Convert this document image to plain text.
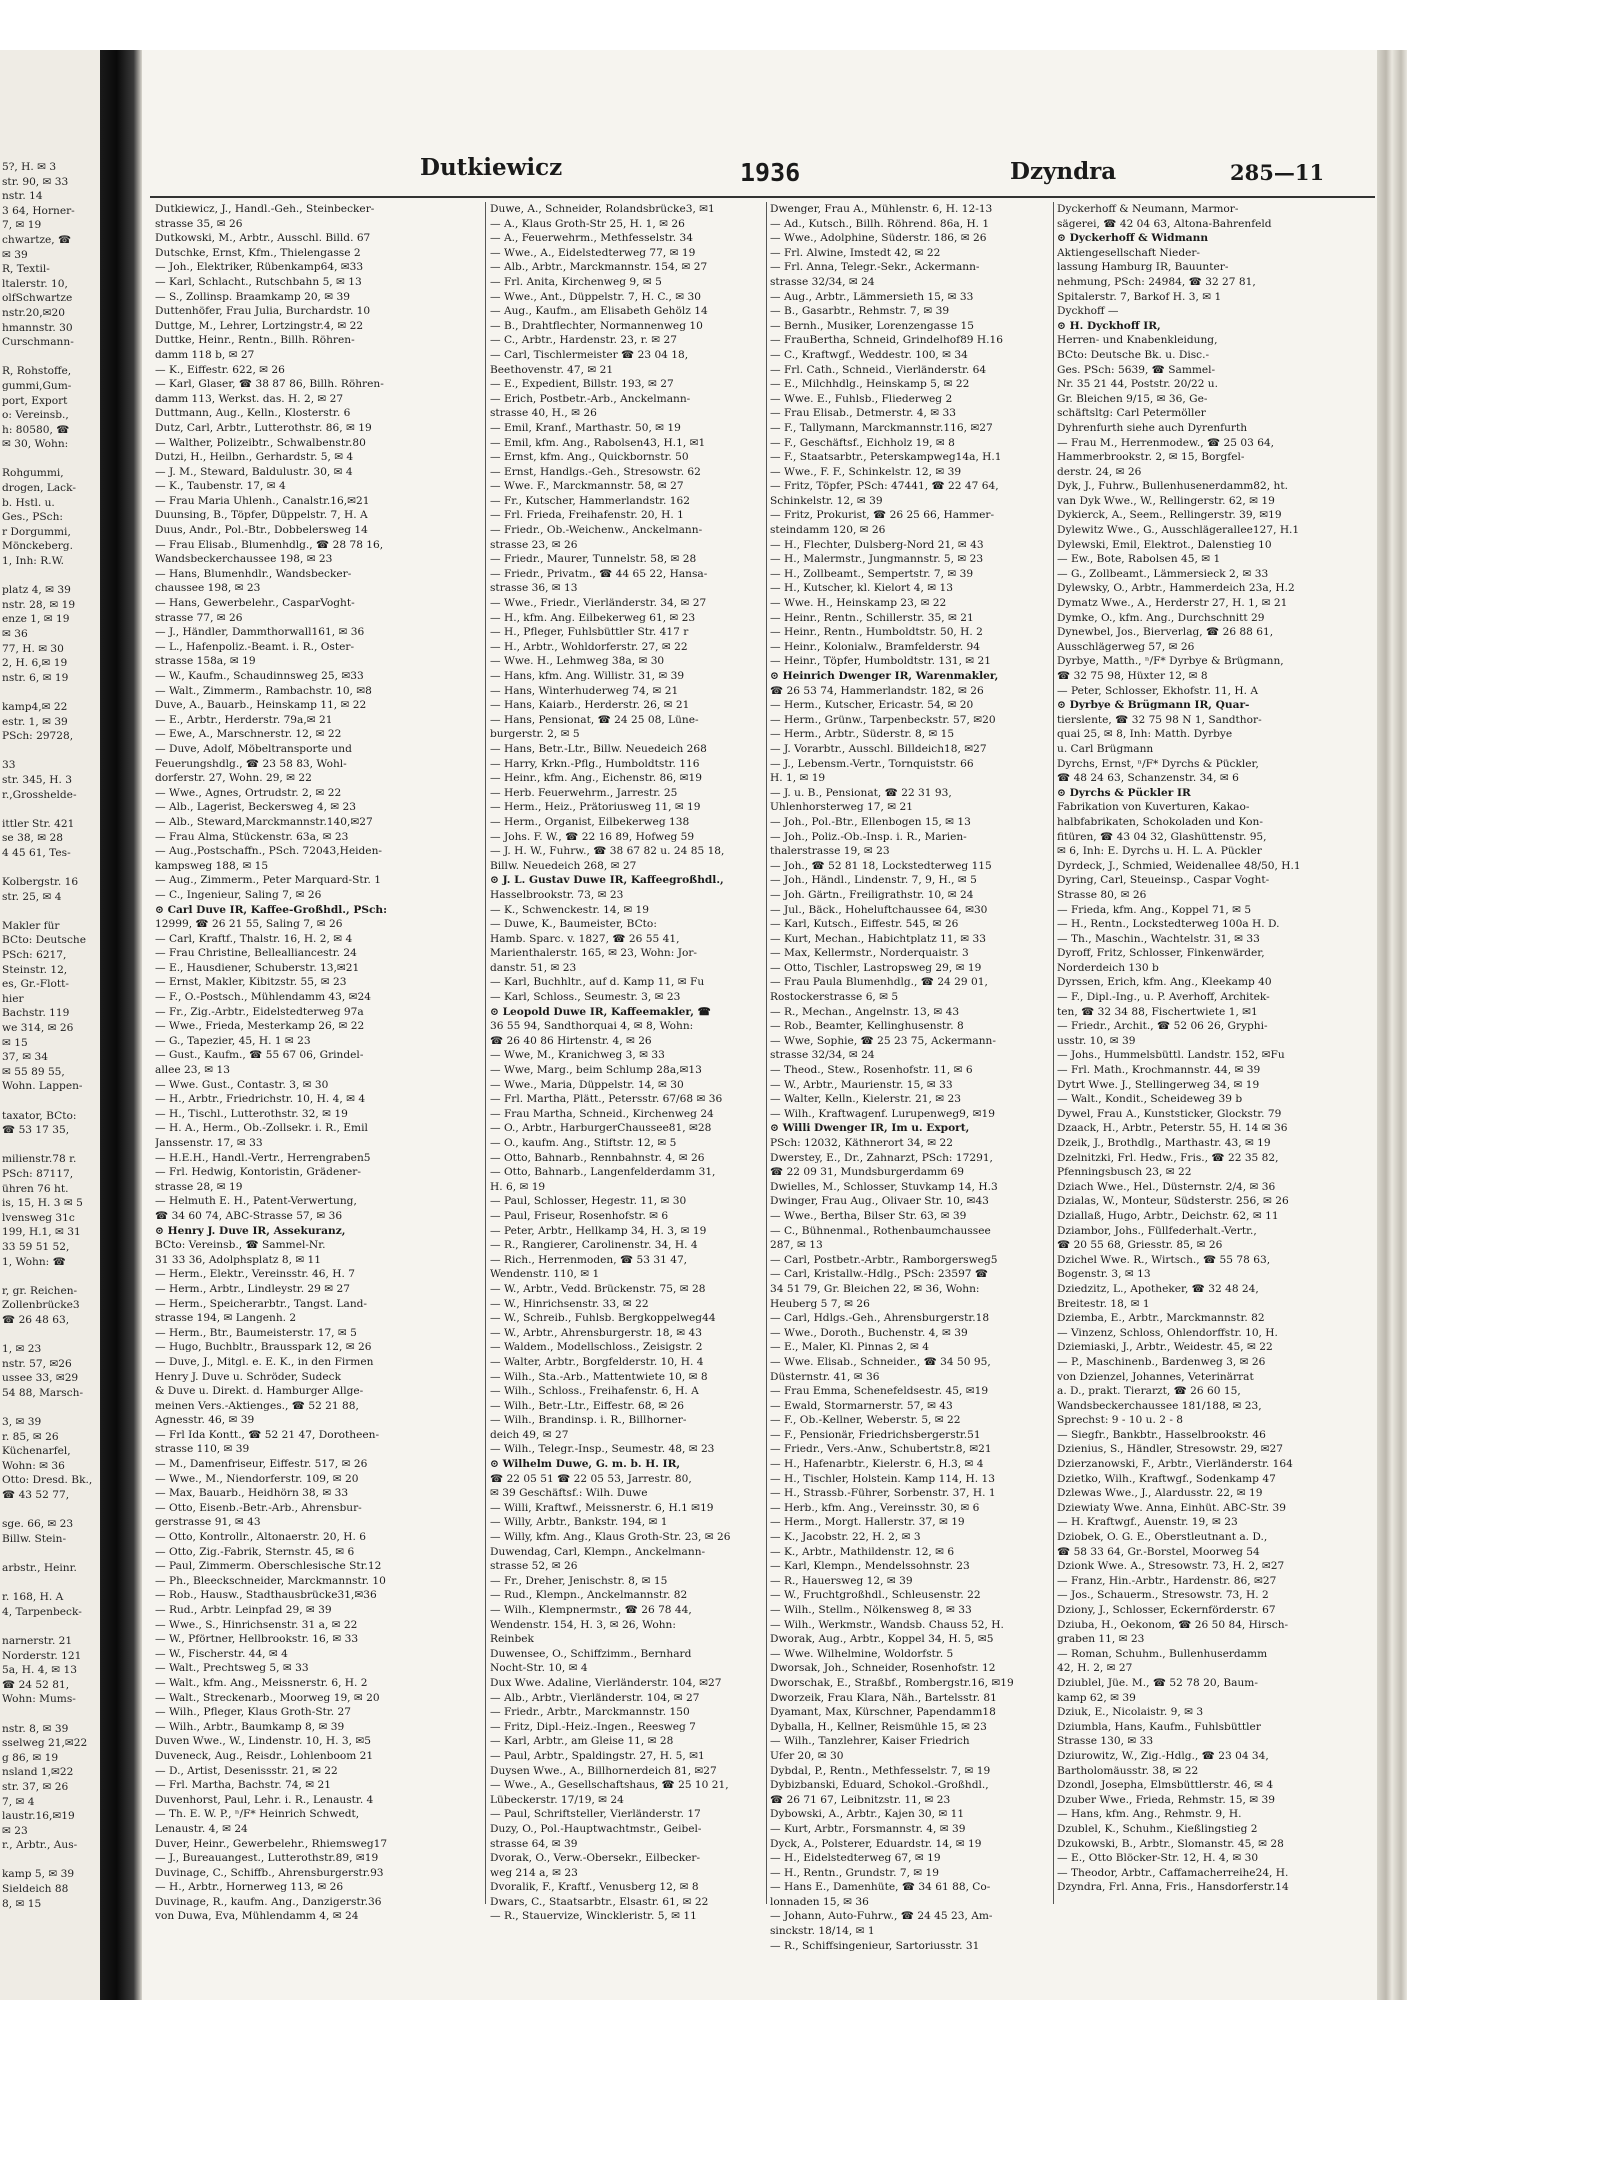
5?, H. ✉ 3
str. 90, ✉ 33
nstr. 14
3 64, Horner-
7, ✉ 19
chwartze, ☎
✉ 39
R, Textil-
ltalerstr. 10,
olfSchwartze
nstr.20,✉20
hmannstr. 30
Curschmann-

R, Rohstoffe,
gummi,Gum-
port, Export
o: Vereinsb.,
h: 80580, ☎
✉ 30, Wohn:

Rohgummi,
drogen, Lack-
b. Hstl. u.
Ges., PSch:
r Dorgummi,
Mönckeberg.
1, Inh: R.W.

platz 4, ✉ 39
nstr. 28, ✉ 19
enze 1, ✉ 19
✉ 36
77, H. ✉ 30
2, H. 6,✉ 19
nstr. 6, ✉ 19

kamp4,✉ 22
estr. 1, ✉ 39
PSch: 29728,

33
str. 345, H. 3
r.,Grosshelde-

ittler Str. 421
se 38, ✉ 28
4 45 61, Tes-

Kolbergstr. 16
str. 25, ✉ 4

Makler für
BCto: Deutsche
PSch: 6217,
Steinstr. 12,
es, Gr.-Flott-
hier
Bachstr. 119
we 314, ✉ 26
✉ 15
37, ✉ 34
✉ 55 89 55,
Wohn. Lappen-

taxator, BCto:
☎ 53 17 35,

milienstr.78 r.
PSch: 87117,
ühren 76 ht.
is, 15, H. 3 ✉ 5
lvensweg 31c
199, H.1, ✉ 31
33 59 51 52,
1, Wohn: ☎

r, gr. Reichen-
Zollenbrücke3
☎ 26 48 63,

1, ✉ 23
nstr. 57, ✉26
ussee 33, ✉29
54 88, Marsch-

3, ✉ 39
r. 85, ✉ 26
Küchenarfel,
Wohn: ✉ 36
Otto: Dresd. Bk.,
☎ 43 52 77,

sge. 66, ✉ 23
Billw. Stein-

arbstr., Heinr.

r. 168, H. A
4, Tarpenbeck-

narnerstr. 21
Norderstr. 121
5a, H. 4, ✉ 13
☎ 24 52 81,
Wohn: Mums-

nstr. 8, ✉ 39
sselweg 21,✉22
g 86, ✉ 19
nsland 1,✉22
str. 37, ✉ 26
7, ✉ 4
laustr.16,✉19
✉ 23
r., Arbtr., Aus-

kamp 5, ✉ 39
Sieldeich 88
8, ✉ 15
Dutkiewicz	1936	Dzyndra	285—11
Dutkiewicz, J., Handl.-Geh., Steinbecker-
strasse 35, ✉ 26
Dutkowski, M., Arbtr., Ausschl. Billd. 67
Dutschke, Ernst, Kfm., Thielengasse 2
— Joh., Elektriker, Rübenkamp64, ✉33
— Karl, Schlacht., Rutschbahn 5, ✉ 13
— S., Zollinsp. Braamkamp 20, ✉ 39
Duttenhöfer, Frau Julia, Burchardstr. 10
Duttge, M., Lehrer, Lortzingstr.4, ✉ 22
Duttke, Heinr., Rentn., Billh. Röhren-
damm 118 b, ✉ 27
— K., Eiffestr. 622, ✉ 26
— Karl, Glaser, ☎ 38 87 86, Billh. Röhren-
damm 113, Werkst. das. H. 2, ✉ 27
Duttmann, Aug., Kelln., Klosterstr. 6
Dutz, Carl, Arbtr., Lutterothstr. 86, ✉ 19
— Walther, Polizeibtr., Schwalbenstr.80
Dutzi, H., Heilbn., Gerhardstr. 5, ✉ 4
— J. M., Steward, Baldulustr. 30, ✉ 4
— K., Taubenstr. 17, ✉ 4
— Frau Maria Uhlenh., Canalstr.16,✉21
Duunsing, B., Töpfer, Düppelstr. 7, H. A
Duus, Andr., Pol.-Btr., Dobbelersweg 14
— Frau Elisab., Blumenhdlg., ☎ 28 78 16,
Wandsbeckerchaussee 198, ✉ 23
— Hans, Blumenhdlr., Wandsbecker-
chaussee 198, ✉ 23
— Hans, Gewerbelehr., CasparVoght-
strasse 77, ✉ 26
— J., Händler, Dammthorwall161, ✉ 36
— L., Hafenpoliz.-Beamt. i. R., Oster-
strasse 158a, ✉ 19
— W., Kaufm., Schaudinnsweg 25, ✉33
— Walt., Zimmerm., Rambachstr. 10, ✉8
Duve, A., Bauarb., Heinskamp 11, ✉ 22
— E., Arbtr., Herderstr. 79a,✉ 21
— Ewe, A., Marschnerstr. 12, ✉ 22
— Duve, Adolf, Möbeltransporte und
Feuerungshdlg., ☎ 23 58 83, Wohl-
dorferstr. 27, Wohn. 29, ✉ 22
— Wwe., Agnes, Ortrudstr. 2, ✉ 22
— Alb., Lagerist, Beckersweg 4, ✉ 23
— Alb., Steward,Marckmannstr.140,✉27
— Frau Alma, Stückenstr. 63a, ✉ 23
— Aug.,Postschaffn., PSch. 72043,Heiden-
kampsweg 188, ✉ 15
— Aug., Zimmerm., Peter Marquard-Str. 1
— C., Ingenieur, Saling 7, ✉ 26
⊙ Carl Duve IR, Kaffee-Großhdl., PSch:
12999, ☎ 26 21 55, Saling 7, ✉ 26
— Carl, Kraftf., Thalstr. 16, H. 2, ✉ 4
— Frau Christine, Bellealliancestr. 24
— E., Hausdiener, Schuberstr. 13,✉21
— Ernst, Makler, Kibitzstr. 55, ✉ 23
— F., O.-Postsch., Mühlendamm 43, ✉24
— Fr., Zig.-Arbtr., Eidelstedterweg 97a
— Wwe., Frieda, Mesterkamp 26, ✉ 22
— G., Tapezier, 45, H. 1 ✉ 23
— Gust., Kaufm., ☎ 55 67 06, Grindel-
allee 23, ✉ 13
— Wwe. Gust., Contastr. 3, ✉ 30
— H., Arbtr., Friedrichstr. 10, H. 4, ✉ 4
— H., Tischl., Lutterothstr. 32, ✉ 19
— H. A., Herm., Ob.-Zollsekr. i. R., Emil
Janssenstr. 17, ✉ 33
— H.E.H., Handl.-Vertr., Herrengraben5
— Frl. Hedwig, Kontoristin, Grädener-
strasse 28, ✉ 19
— Helmuth E. H., Patent-Verwertung,
☎ 34 60 74, ABC-Strasse 57, ✉ 36
⊙ Henry J. Duve IR, Assekuranz,
BCto: Vereinsb., ☎ Sammel-Nr.
31 33 36, Adolphsplatz 8, ✉ 11
— Herm., Elektr., Vereinsstr. 46, H. 7
— Herm., Arbtr., Lindleystr. 29 ✉ 27
— Herm., Speicherarbtr., Tangst. Land-
strasse 194, ✉ Langenh. 2
— Herm., Btr., Baumeisterstr. 17, ✉ 5
— Hugo, Buchbltr., Brausspark 12, ✉ 26
— Duve, J., Mitgl. e. E. K., in den Firmen
Henry J. Duve u. Schröder, Sudeck
& Duve u. Direkt. d. Hamburger Allge-
meinen Vers.-Aktienges., ☎ 52 21 88,
Agnesstr. 46, ✉ 39
— Frl Ida Kontt., ☎ 52 21 47, Dorotheen-
strasse 110, ✉ 39
— M., Damenfriseur, Eiffestr. 517, ✉ 26
— Wwe., M., Niendorferstr. 109, ✉ 20
— Max, Bauarb., Heidhörn 38, ✉ 33
— Otto, Eisenb.-Betr.-Arb., Ahrensbur-
gerstrasse 91, ✉ 43
— Otto, Kontrollr., Altonaerstr. 20, H. 6
— Otto, Zig.-Fabrik, Sternstr. 45, ✉ 6
— Paul, Zimmerm. Oberschlesische Str.12
— Ph., Bleeckschneider, Marckmannstr. 10
— Rob., Hausw., Stadthausbrücke31,✉36
— Rud., Arbtr. Leinpfad 29, ✉ 39
— Wwe., S., Hinrichsenstr. 31 a, ✉ 22
— W., Pförtner, Hellbrookstr. 16, ✉ 33
— W., Fischerstr. 44, ✉ 4
— Walt., Prechtsweg 5, ✉ 33
— Walt., kfm. Ang., Meissnerstr. 6, H. 2
— Walt., Streckenarb., Moorweg 19, ✉ 20
— Wilh., Pfleger, Klaus Groth-Str. 27
— Wilh., Arbtr., Baumkamp 8, ✉ 39
Duven Wwe., W., Lindenstr. 10, H. 3, ✉5
Duveneck, Aug., Reisdr., Lohlenboom 21
— D., Artist, Desenissstr. 21, ✉ 22
— Frl. Martha, Bachstr. 74, ✉ 21
Duvenhorst, Paul, Lehr. i. R., Lenaustr. 4
— Th. E. W. P., ⁿ/F* Heinrich Schwedt,
Lenaustr. 4, ✉ 24
Duver, Heinr., Gewerbelehr., Rhiemsweg17
— J., Bureauangest., Lutterothstr.89, ✉19
Duvinage, C., Schiffb., Ahrensburgerstr.93
— H., Arbtr., Hornerweg 113, ✉ 26
Duvinage, R., kaufm. Ang., Danzigerstr.36
von Duwa, Eva, Mühlendamm 4, ✉ 24
Duwe, A., Schneider, Rolandsbrücke3, ✉1
— A., Klaus Groth-Str 25, H. 1, ✉ 26
— A., Feuerwehrm., Methfesselstr. 34
— Wwe., A., Eidelstedterweg 77, ✉ 19
— Alb., Arbtr., Marckmannstr. 154, ✉ 27
— Frl. Anita, Kirchenweg 9, ✉ 5
— Wwe., Ant., Düppelstr. 7, H. C., ✉ 30
— Aug., Kaufm., am Elisabeth Gehölz 14
— B., Drahtflechter, Normannenweg 10
— C., Arbtr., Hardenstr. 23, r. ✉ 27
— Carl, Tischlermeister ☎ 23 04 18,
Beethovenstr. 47, ✉ 21
— E., Expedient, Billstr. 193, ✉ 27
— Erich, Postbetr.-Arb., Anckelmann-
strasse 40, H., ✉ 26
— Emil, Kranf., Marthastr. 50, ✉ 19
— Emil, kfm. Ang., Rabolsen43, H.1, ✉1
— Ernst, kfm. Ang., Quickbornstr. 50
— Ernst, Handlgs.-Geh., Stresowstr. 62
— Wwe. F., Marckmannstr. 58, ✉ 27
— Fr., Kutscher, Hammerlandstr. 162
— Frl. Frieda, Freihafenstr. 20, H. 1
— Friedr., Ob.-Weichenw., Anckelmann-
strasse 23, ✉ 26
— Friedr., Maurer, Tunnelstr. 58, ✉ 28
— Friedr., Privatm., ☎ 44 65 22, Hansa-
strasse 36, ✉ 13
— Wwe., Friedr., Vierländerstr. 34, ✉ 27
— H., kfm. Ang. Eilbekerweg 61, ✉ 23
— H., Pfleger, Fuhlsbüttler Str. 417 r
— H., Arbtr., Wohldorferstr. 27, ✉ 22
— Wwe. H., Lehmweg 38a, ✉ 30
— Hans, kfm. Ang. Willistr. 31, ✉ 39
— Hans, Winterhuderweg 74, ✉ 21
— Hans, Kaiarb., Herderstr. 26, ✉ 21
— Hans, Pensionat, ☎ 24 25 08, Lüne-
burgerstr. 2, ✉ 5
— Hans, Betr.-Ltr., Billw. Neuedeich 268
— Harry, Krkn.-Pflg., Humboldtstr. 116
— Heinr., kfm. Ang., Eichenstr. 86, ✉19
— Herb. Feuerwehrm., Jarrestr. 25
— Herm., Heiz., Prätoriusweg 11, ✉ 19
— Herm., Organist, Eilbekerweg 138
— Johs. F. W., ☎ 22 16 89, Hofweg 59
— J. H. W., Fuhrw., ☎ 38 67 82 u. 24 85 18,
Billw. Neuedeich 268, ✉ 27
⊙ J. L. Gustav Duwe IR, Kaffeegroßhdl.,
Hasselbrookstr. 73, ✉ 23
— K., Schwenckestr. 14, ✉ 19
— Duwe, K., Baumeister, BCto:
Hamb. Sparc. v. 1827, ☎ 26 55 41,
Marienthalerstr. 165, ✉ 23, Wohn: Jor-
danstr. 51, ✉ 23
— Karl, Buchhltr., auf d. Kamp 11, ✉ Fu
— Karl, Schloss., Seumestr. 3, ✉ 23
⊙ Leopold Duwe IR, Kaffeemakler, ☎
36 55 94, Sandthorquai 4, ✉ 8, Wohn:
☎ 26 40 86 Hirtenstr. 4, ✉ 26
— Wwe, M., Kranichweg 3, ✉ 33
— Wwe, Marg., beim Schlump 28a,✉13
— Wwe., Maria, Düppelstr. 14, ✉ 30
— Frl. Martha, Plätt., Petersstr. 67/68 ✉ 36
— Frau Martha, Schneid., Kirchenweg 24
— O., Arbtr., HarburgerChaussee81, ✉28
— O., kaufm. Ang., Stiftstr. 12, ✉ 5
— Otto, Bahnarb., Rennbahnstr. 4, ✉ 26
— Otto, Bahnarb., Langenfelderdamm 31,
H. 6, ✉ 19
— Paul, Schlosser, Hegestr. 11, ✉ 30
— Paul, Friseur, Rosenhofstr. ✉ 6
— Peter, Arbtr., Hellkamp 34, H. 3, ✉ 19
— R., Rangierer, Carolinenstr. 34, H. 4
— Rich., Herrenmoden, ☎ 53 31 47,
Wendenstr. 110, ✉ 1
— W., Arbtr., Vedd. Brückenstr. 75, ✉ 28
— W., Hinrichsenstr. 33, ✉ 22
— W., Schreib., Fuhlsb. Bergkoppelweg44
— W., Arbtr., Ahrensburgerstr. 18, ✉ 43
— Waldem., Modellschloss., Zeisigstr. 2
— Walter, Arbtr., Borgfelderstr. 10, H. 4
— Wilh., Sta.-Arb., Mattentwiete 10, ✉ 8
— Wilh., Schloss., Freihafenstr. 6, H. A
— Wilh., Betr.-Ltr., Eiffestr. 68, ✉ 26
— Wilh., Brandinsp. i. R., Billhorner-
deich 49, ✉ 27
— Wilh., Telegr.-Insp., Seumestr. 48, ✉ 23
⊙ Wilhelm Duwe, G. m. b. H. IR,
☎ 22 05 51 ☎ 22 05 53, Jarrestr. 80,
✉ 39 Geschäftsf.: Wilh. Duwe
— Willi, Kraftwf., Meissnerstr. 6, H.1 ✉19
— Willy, Arbtr., Bankstr. 194, ✉ 1
— Willy, kfm. Ang., Klaus Groth-Str. 23, ✉ 26
Duwendag, Carl, Klempn., Anckelmann-
strasse 52, ✉ 26
— Fr., Dreher, Jenischstr. 8, ✉ 15
— Rud., Klempn., Anckelmannstr. 82
— Wilh., Klempnermstr., ☎ 26 78 44,
Wendenstr. 154, H. 3, ✉ 26, Wohn:
Reinbek
Duwensee, O., Schiffzimm., Bernhard
Nocht-Str. 10, ✉ 4
Dux Wwe. Adaline, Vierländerstr. 104, ✉27
— Alb., Arbtr., Vierländerstr. 104, ✉ 27
— Friedr., Arbtr., Marckmannstr. 150
— Fritz, Dipl.-Heiz.-Ingen., Reesweg 7
— Karl, Arbtr., am Gleise 11, ✉ 28
— Paul, Arbtr., Spaldingstr. 27, H. 5, ✉1
Duysen Wwe., A., Billhornerdeich 81, ✉27
— Wwe., A., Gesellschaftshaus, ☎ 25 10 21,
Lübeckerstr. 17/19, ✉ 24
— Paul, Schriftsteller, Vierländerstr. 17
Duzy, O., Pol.-Hauptwachtmstr., Geibel-
strasse 64, ✉ 39
Dvorak, O., Verw.-Obersekr., Eilbecker-
weg 214 a, ✉ 23
Dvoralik, F., Kraftf., Venusberg 12, ✉ 8
Dwars, C., Staatsarbtr., Elsastr. 61, ✉ 22
— R., Stauervize, Winckleristr. 5, ✉ 11
Dwenger, Frau A., Mühlenstr. 6, H. 12-13
— Ad., Kutsch., Billh. Röhrend. 86a, H. 1
— Wwe., Adolphine, Süderstr. 186, ✉ 26
— Frl. Alwine, Imstedt 42, ✉ 22
— Frl. Anna, Telegr.-Sekr., Ackermann-
strasse 32/34, ✉ 24
— Aug., Arbtr., Lämmersieth 15, ✉ 33
— B., Gasarbtr., Rehmstr. 7, ✉ 39
— Bernh., Musiker, Lorenzengasse 15
— FrauBertha, Schneid, Grindelhof89 H.16
— C., Kraftwgf., Weddestr. 100, ✉ 34
— Frl. Cath., Schneid., Vierländerstr. 64
— E., Milchhdlg., Heinskamp 5, ✉ 22
— Wwe. E., Fuhlsb., Fliederweg 2
— Frau Elisab., Detmerstr. 4, ✉ 33
— F., Tallymann, Marckmannstr.116, ✉27
— F., Geschäftsf., Eichholz 19, ✉ 8
— F., Staatsarbtr., Peterskampweg14a, H.1
— Wwe., F. F., Schinkelstr. 12, ✉ 39
— Fritz, Töpfer, PSch: 47441, ☎ 22 47 64,
Schinkelstr. 12, ✉ 39
— Fritz, Prokurist, ☎ 26 25 66, Hammer-
steindamm 120, ✉ 26
— H., Flechter, Dulsberg-Nord 21, ✉ 43
— H., Malermstr., Jungmannstr. 5, ✉ 23
— H., Zollbeamt., Sempertstr. 7, ✉ 39
— H., Kutscher, kl. Kielort 4, ✉ 13
— Wwe. H., Heinskamp 23, ✉ 22
— Heinr., Rentn., Schillerstr. 35, ✉ 21
— Heinr., Rentn., Humboldtstr. 50, H. 2
— Heinr., Kolonialw., Bramfelderstr. 94
— Heinr., Töpfer, Humboldtstr. 131, ✉ 21
⊙ Heinrich Dwenger IR, Warenmakler,
☎ 26 53 74, Hammerlandstr. 182, ✉ 26
— Herm., Kutscher, Ericastr. 54, ✉ 20
— Herm., Grünw., Tarpenbeckstr. 57, ✉20
— Herm., Arbtr., Süderstr. 8, ✉ 15
— J. Vorarbtr., Ausschl. Billdeich18, ✉27
— J., Lebensm.-Vertr., Tornquiststr. 66
H. 1, ✉ 19
— J. u. B., Pensionat, ☎ 22 31 93,
Uhlenhorsterweg 17, ✉ 21
— Joh., Pol.-Btr., Ellenbogen 15, ✉ 13
— Joh., Poliz.-Ob.-Insp. i. R., Marien-
thalerstrasse 19, ✉ 23
— Joh., ☎ 52 81 18, Lockstedterweg 115
— Joh., Händl., Lindenstr. 7, 9, H., ✉ 5
— Joh. Gärtn., Freiligrathstr. 10, ✉ 24
— Jul., Bäck., Hoheluftchaussee 64, ✉30
— Karl, Kutsch., Eiffestr. 545, ✉ 26
— Kurt, Mechan., Habichtplatz 11, ✉ 33
— Max, Kellermstr., Norderquaistr. 3
— Otto, Tischler, Lastropsweg 29, ✉ 19
— Frau Paula Blumenhdlg., ☎ 24 29 01,
Rostockerstrasse 6, ✉ 5
— R., Mechan., Angelnstr. 13, ✉ 43
— Rob., Beamter, Kellinghusenstr. 8
— Wwe, Sophie, ☎ 25 23 75, Ackermann-
strasse 32/34, ✉ 24
— Theod., Stew., Rosenhofstr. 11, ✉ 6
— W., Arbtr., Maurienstr. 15, ✉ 33
— Walter, Kelln., Kielerstr. 21, ✉ 23
— Wilh., Kraftwagenf. Lurupenweg9, ✉19
⊙ Willi Dwenger IR, Im u. Export,
PSch: 12032, Käthnerort 34, ✉ 22
Dwerstey, E., Dr., Zahnarzt, PSch: 17291,
☎ 22 09 31, Mundsburgerdamm 69
Dwielles, M., Schlosser, Stuvkamp 14, H.3
Dwinger, Frau Aug., Olivaer Str. 10, ✉43
— Wwe., Bertha, Bilser Str. 63, ✉ 39
— C., Bühnenmal., Rothenbaumchaussee
287, ✉ 13
— Carl, Postbetr.-Arbtr., Ramborgersweg5
— Carl, Kristallw.-Hdlg., PSch: 23597 ☎
34 51 79, Gr. Bleichen 22, ✉ 36, Wohn:
Heuberg 5 7, ✉ 26
— Carl, Hdlgs.-Geh., Ahrensburgerstr.18
— Wwe., Doroth., Buchenstr. 4, ✉ 39
— E., Maler, Kl. Pinnas 2, ✉ 4
— Wwe. Elisab., Schneider., ☎ 34 50 95,
Düsternstr. 41, ✉ 36
— Frau Emma, Schenefeldsestr. 45, ✉19
— Ewald, Stormarnerstr. 57, ✉ 43
— F., Ob.-Kellner, Weberstr. 5, ✉ 22
— F., Pensionär, Friedrichsbergerstr.51
— Friedr., Vers.-Anw., Schubertstr.8, ✉21
— H., Hafenarbtr., Kielerstr. 6, H.3, ✉ 4
— H., Tischler, Holstein. Kamp 114, H. 13
— H., Strassb.-Führer, Sorbenstr. 37, H. 1
— Herb., kfm. Ang., Vereinsstr. 30, ✉ 6
— Herm., Morgt. Hallerstr. 37, ✉ 19
— K., Jacobstr. 22, H. 2, ✉ 3
— K., Arbtr., Mathildenstr. 12, ✉ 6
— Karl, Klempn., Mendelssohnstr. 23
— R., Hauersweg 12, ✉ 39
— W., Fruchtgroßhdl., Schleusenstr. 22
— Wilh., Stellm., Nölkensweg 8, ✉ 33
— Wilh., Werkmstr., Wandsb. Chauss 52, H.
Dworak, Aug., Arbtr., Koppel 34, H. 5, ✉5
— Wwe. Wilhelmine, Woldorfstr. 5
Dworsak, Joh., Schneider, Rosenhofstr. 12
Dworschak, E., Straßbf., Rombergstr.16, ✉19
Dworzeik, Frau Klara, Näh., Bartelsstr. 81
Dyamant, Max, Kürschner, Papendamm18
Dyballa, H., Kellner, Reismühle 15, ✉ 23
— Wilh., Tanzlehrer, Kaiser Friedrich
Ufer 20, ✉ 30
Dybdal, P., Rentn., Methfesselstr. 7, ✉ 19
Dybizbanski, Eduard, Schokol.-Großhdl.,
☎ 26 71 67, Leibnitzstr. 11, ✉ 23
Dybowski, A., Arbtr., Kajen 30, ✉ 11
— Kurt, Arbtr., Forsmannstr. 4, ✉ 39
Dyck, A., Polsterer, Eduardstr. 14, ✉ 19
— H., Eidelstedterweg 67, ✉ 19
— H., Rentn., Grundstr. 7, ✉ 19
— Hans E., Damenhüte, ☎ 34 61 88, Co-
lonnaden 15, ✉ 36
— Johann, Auto-Fuhrw., ☎ 24 45 23, Am-
sinckstr. 18/14, ✉ 1
— R., Schiffsingenieur, Sartoriusstr. 31
Dyckerhoff & Neumann, Marmor-
sägerei, ☎ 42 04 63, Altona-Bahrenfeld
⊙ Dyckerhoff & Widmann
Aktiengesellschaft Nieder-
lassung Hamburg IR, Bauunter-
nehmung, PSch: 24984, ☎ 32 27 81,
Spitalerstr. 7, Barkof H. 3, ✉ 1
Dyckhoff —
⊙ H. Dyckhoff IR,
Herren- und Knabenkleidung,
BCto: Deutsche Bk. u. Disc.-
Ges. PSch: 5639, ☎ Sammel-
Nr. 35 21 44, Poststr. 20/22 u.
Gr. Bleichen 9/15, ✉ 36, Ge-
schäftsltg: Carl Petermöller
Dyhrenfurth siehe auch Dyrenfurth
— Frau M., Herrenmodew., ☎ 25 03 64,
Hammerbrookstr. 2, ✉ 15, Borgfel-
derstr. 24, ✉ 26
Dyk, J., Fuhrw., Bullenhusenerdamm82, ht.
van Dyk Wwe., W., Rellingerstr. 62, ✉ 19
Dykierck, A., Seem., Rellingerstr. 39, ✉19
Dylewitz Wwe., G., Ausschlägerallee127, H.1
Dylewski, Emil, Elektrot., Dalenstieg 10
— Ew., Bote, Rabolsen 45, ✉ 1
— G., Zollbeamt., Lämmersieck 2, ✉ 33
Dylewsky, O., Arbtr., Hammerdeich 23a, H.2
Dymatz Wwe., A., Herderstr 27, H. 1, ✉ 21
Dymke, O., kfm. Ang., Durchschnitt 29
Dynewbel, Jos., Bierverlag, ☎ 26 88 61,
Ausschlägerweg 57, ✉ 26
Dyrbye, Matth., ⁿ/F* Dyrbye & Brügmann,
☎ 32 75 98, Hüxter 12, ✉ 8
— Peter, Schlosser, Ekhofstr. 11, H. A
⊙ Dyrbye & Brügmann IR, Quar-
tierslente, ☎ 32 75 98 N 1, Sandthor-
quai 25, ✉ 8, Inh: Matth. Dyrbye
u. Carl Brügmann
Dyrchs, Ernst, ⁿ/F* Dyrchs & Pückler,
☎ 48 24 63, Schanzenstr. 34, ✉ 6
⊙ Dyrchs & Pückler IR
Fabrikation von Kuverturen, Kakao-
halbfabrikaten, Schokoladen und Kon-
fitüren, ☎ 43 04 32, Glashüttenstr. 95,
✉ 6, Inh: E. Dyrchs u. H. L. A. Pückler
Dyrdeck, J., Schmied, Weidenallee 48/50, H.1
Dyring, Carl, Steueinsp., Caspar Voght-
Strasse 80, ✉ 26
— Frieda, kfm. Ang., Koppel 71, ✉ 5
— H., Rentn., Lockstedterweg 100a H. D.
— Th., Maschin., Wachtelstr. 31, ✉ 33
Dyroff, Fritz, Schlosser, Finkenwärder,
Norderdeich 130 b
Dyrssen, Erich, kfm. Ang., Kleekamp 40
— F., Dipl.-Ing., u. P. Averhoff, Architek-
ten, ☎ 32 34 88, Fischertwiete 1, ✉1
— Friedr., Archit., ☎ 52 06 26, Gryphi-
usstr. 10, ✉ 39
— Johs., Hummelsbüttl. Landstr. 152, ✉Fu
— Frl. Math., Krochmannstr. 44, ✉ 39
Dytrt Wwe. J., Stellingerweg 34, ✉ 19
— Walt., Kondit., Scheideweg 39 b
Dywel, Frau A., Kunststicker, Glockstr. 79
Dzaack, H., Arbtr., Peterstr. 55, H. 14 ✉ 36
Dzeik, J., Brothdlg., Marthastr. 43, ✉ 19
Dzelnitzki, Frl. Hedw., Fris., ☎ 22 35 82,
Pfenningsbusch 23, ✉ 22
Dziach Wwe., Hel., Düsternstr. 2/4, ✉ 36
Dzialas, W., Monteur, Südsterstr. 256, ✉ 26
Dziallaß, Hugo, Arbtr., Deichstr. 62, ✉ 11
Dziambor, Johs., Füllfederhalt.-Vertr.,
☎ 20 55 68, Griesstr. 85, ✉ 26
Dzichel Wwe. R., Wirtsch., ☎ 55 78 63,
Bogenstr. 3, ✉ 13
Dziedzitz, L., Apotheker, ☎ 32 48 24,
Breitestr. 18, ✉ 1
Dziemba, E., Arbtr., Marckmannstr. 82
— Vinzenz, Schloss, Ohlendorffstr. 10, H.
Dziemiaski, J., Arbtr., Weidestr. 45, ✉ 22
— P., Maschinenb., Bardenweg 3, ✉ 26
von Dzienzel, Johannes, Veterinärrat
a. D., prakt. Tierarzt, ☎ 26 60 15,
Wandsbeckerchaussee 181/188, ✉ 23,
Sprechst: 9 - 10 u. 2 - 8
— Siegfr., Bankbtr., Hasselbrookstr. 46
Dzienius, S., Händler, Stresowstr. 29, ✉27
Dzierzanowski, F., Arbtr., Vierländerstr. 164
Dzietko, Wilh., Kraftwgf., Sodenkamp 47
Dzlewas Wwe., J., Alardusstr. 22, ✉ 19
Dziewiaty Wwe. Anna, Einhüt. ABC-Str. 39
— H. Kraftwgf., Auenstr. 19, ✉ 23
Dziobek, O. G. E., Oberstleutnant a. D.,
☎ 58 33 64, Gr.-Borstel, Moorweg 54
Dzionk Wwe. A., Stresowstr. 73, H. 2, ✉27
— Franz, Hin.-Arbtr., Hardenstr. 86, ✉27
— Jos., Schauerm., Stresowstr. 73, H. 2
Dziony, J., Schlosser, Eckernförderstr. 67
Dziuba, H., Oekonom, ☎ 26 50 84, Hirsch-
graben 11, ✉ 23
— Roman, Schuhm., Bullenhuserdamm
42, H. 2, ✉ 27
Dziublel, Jüe. M., ☎ 52 78 20, Baum-
kamp 62, ✉ 39
Dziuk, E., Nicolaistr. 9, ✉ 3
Dziumbla, Hans, Kaufm., Fuhlsbüttler
Strasse 130, ✉ 33
Dziurowitz, W., Zig.-Hdlg., ☎ 23 04 34,
Bartholomäusstr. 38, ✉ 22
Dzondl, Josepha, Elmsbüttlerstr. 46, ✉ 4
Dzuber Wwe., Frieda, Rehmstr. 15, ✉ 39
— Hans, kfm. Ang., Rehmstr. 9, H.
Dzublel, K., Schuhm., Kießlingstieg 2
Dzukowski, B., Arbtr., Slomanstr. 45, ✉ 28
— E., Otto Blöcker-Str. 12, H. 4, ✉ 30
— Theodor, Arbtr., Caffamacherreihe24, H.
Dzyndra, Frl. Anna, Fris., Hansdorferstr.14
